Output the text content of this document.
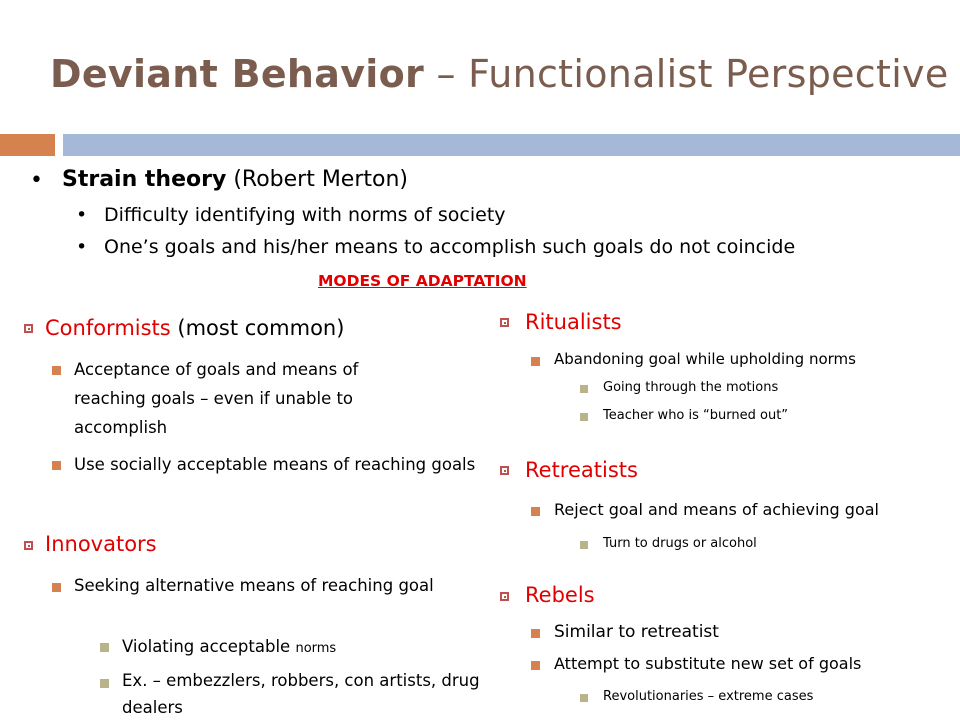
Deviant Behavior – Functionalist Perspective
• Strain theory (Robert Merton)
• Difficulty identifying with norms of society
• One’s goals and his/her means to accomplish such goals do not coincide
MODES OF ADAPTATION
Conformists (most common)
Acceptance of goals and means of reaching goals – even if unable to accomplish
Use socially acceptable means of reaching goals
Innovators
Seeking alternative means of reaching goal
Violating acceptable norms
Ex. – embezzlers, robbers, con artists, drug dealers
Ritualists
Abandoning goal while upholding norms
Going through the motions
Teacher who is “burned out”
Retreatists
Reject goal and means of achieving goal
Turn to drugs or alcohol
Rebels
Similar to retreatist
Attempt to substitute new set of goals
Revolutionaries – extreme cases
